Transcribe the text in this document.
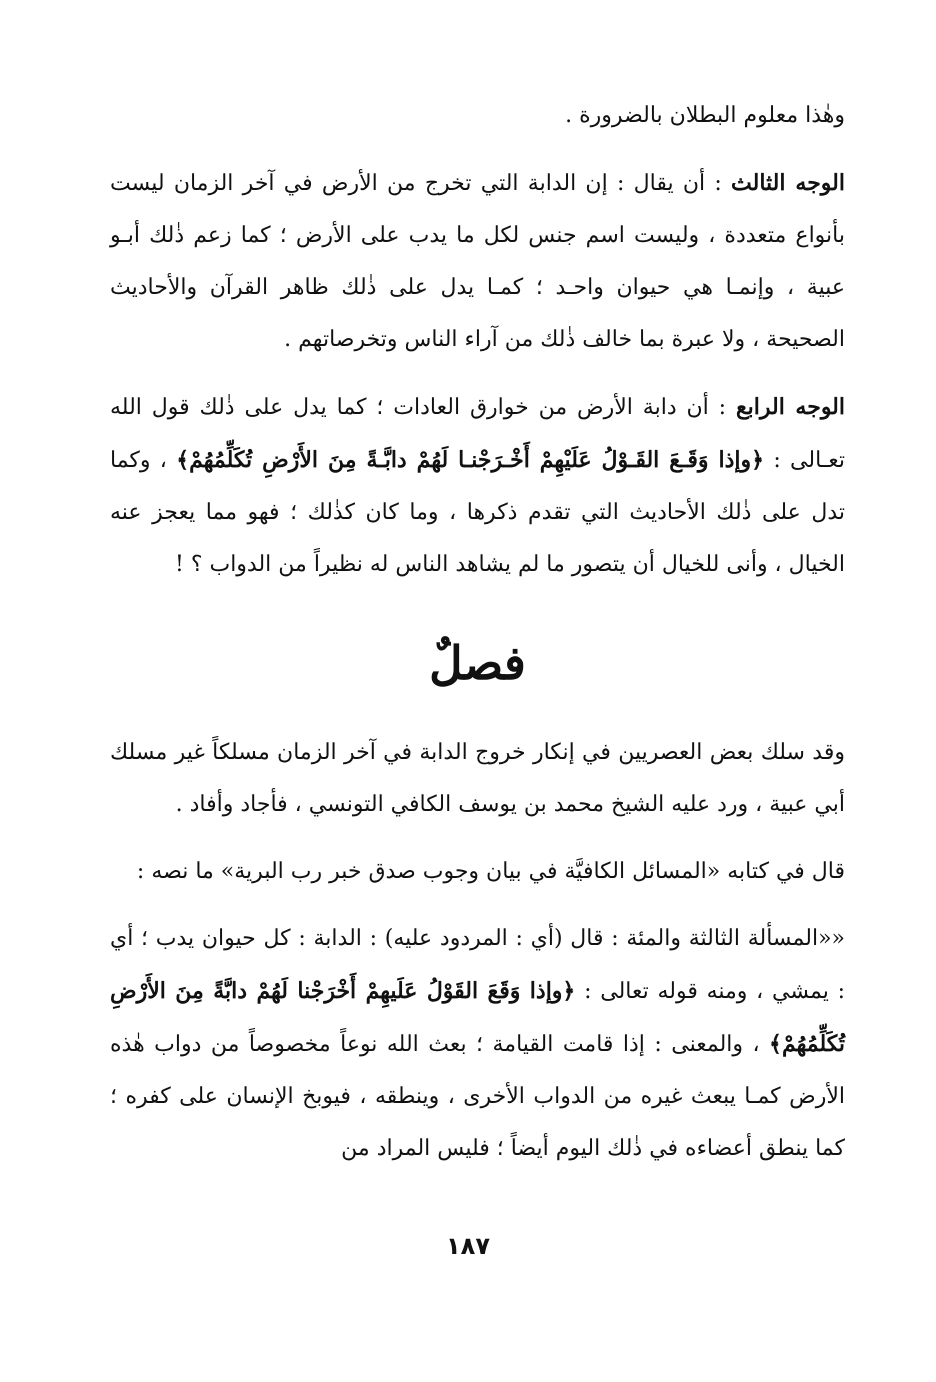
وهٰذا معلوم البطلان بالضرورة .

الوجه الثالث : أن يقال : إن الدابة التي تخرج من الأرض في آخر الزمان ليست بأنواع متعددة ، وليست اسم جنس لكل ما يدب على الأرض ؛ كما زعم ذٰلك أبـو عبية ، وإنمـا هي حيوان واحـد ؛ كمـا يدل على ذٰلك ظاهر القرآن والأحاديث الصحيحة ، ولا عبرة بما خالف ذٰلك من آراء الناس وتخرصاتهم .

الوجه الرابع : أن دابة الأرض من خوارق العادات ؛ كما يدل على ذٰلك قول الله تعـالى : ﴿وإذا وَقَـعَ القَـوْلُ عَلَيْهِمْ أَخْـرَجْنـا لَهُمْ دابَّـةً مِنَ الأَرْضِ تُكَلِّمُهُمْ﴾ ، وكما تدل على ذٰلك الأحاديث التي تقدم ذكرها ، وما كان كذٰلك ؛ فهو مما يعجز عنه الخيال ، وأنى للخيال أن يتصور ما لم يشاهد الناس له نظيراً من الدواب ؟ !

فصلٌ

وقد سلك بعض العصريين في إنكار خروج الدابة في آخر الزمان مسلكاً غير مسلك أبي عبية ، ورد عليه الشيخ محمد بن يوسف الكافي التونسي ، فأجاد وأفاد .

قال في كتابه «المسائل الكافيَّة في بيان وجوب صدق خبر رب البرية» ما نصه :

««المسألة الثالثة والمئة : قال (أي : المردود عليه) : الدابة : كل حيوان يدب ؛ أي : يمشي ، ومنه قوله تعالى : ﴿وإذا وَقَعَ القَوْلُ عَلَيهِمْ أَخْرَجْنا لَهُمْ دابَّةً مِنَ الأَرْضِ تُكَلِّمُهُمْ﴾ ، والمعنى : إذا قامت القيامة ؛ بعث الله نوعاً مخصوصاً من دواب هٰذه الأرض كمـا يبعث غيره من الدواب الأخرى ، وينطقه ، فيوبخ الإنسان على كفره ؛ كما ينطق أعضاءه في ذٰلك اليوم أيضاً ؛ فليس المراد من

١٨٧
